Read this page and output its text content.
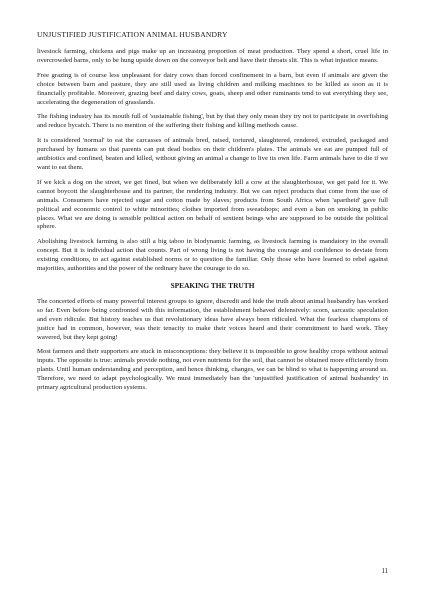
UNJUSTIFIED JUSTIFICATION ANIMAL HUSBANDRY

livestock farming, chickens and pigs make up an increasing proportion of meat production. They spend a short, cruel life in overcrowded barns, only to be hung upside down on the conveyor belt and have their throats slit. This is what injustice means.

Free grazing is of course less unpleasant for dairy cows than forced confinement in a barn, but even if animals are given the choice between barn and pasture, they are still used as living children and milking machines to be killed as soon as it is financially profitable. Moreover, grazing beef and dairy cows, goats, sheep and other ruminants tend to eat everything they see, accelerating the degeneration of grasslands.

The fishing industry has its mouth full of 'sustainable fishing', but by that they only mean they try not to participate in overfishing and reduce bycatch. There is no mention of the suffering their fishing and killing methods cause.

It is considered 'normal' to eat the carcasses of animals bred, raised, tortured, slaughtered, rendered, extruded, packaged and purchased by humans so that parents can put dead bodies on their children's plates. The animals we eat are pumped full of antibiotics and confined, beaten and killed, without giving an animal a change to live its own life. Farm animals have to die if we want to eat them.

If we kick a dog on the street, we get fined, but when we deliberately kill a cow at the slaughterhouse, we get paid for it. We cannot boycott the slaughterhouse and its partner, the rendering industry. But we can reject products that come from the use of animals. Consumers have rejected sugar and cotton made by slaves; products from South Africa when 'apartheid' gave full political and economic control to white minorities; clothes imported from sweatshops; and even a ban on smoking in public places. What we are doing is sensible political action on behalf of sentient beings who are supposed to be outside the political sphere.

Abolishing livestock farming is also still a big taboo in biodynamic farming, as livestock farming is mandatory in the overall concept. But it is individual action that counts. Part of wrong living is not having the courage and confidence to deviate from existing conditions, to act against established norms or to question the familiar. Only those who have learned to rebel against majorities, authorities and the power of the ordinary have the courage to do so.

SPEAKING THE TRUTH

The concerted efforts of many powerful interest groups to ignore, discredit and hide the truth about animal husbandry has worked so far. Even before being confronted with this information, the establishment behaved defensively: scorn, sarcastic speculation and even ridicule. But history teaches us that revolutionary ideas have always been ridiculed. What the fearless champions of justice had in common, however, was their tenacity to make their voices heard and their commitment to hard work. They wavered, but they kept going!

Most farmers and their supporters are stuck in misconceptions: they believe it is impossible to grow healthy crops without animal inputs. The opposite is true: animals provide nothing, not even nutrients for the soil, that cannot be obtained more efficiently from plants. Until human understanding and perception, and hence thinking, changes, we can be blind to what is happening around us. Therefore, we need to adapt psychologically. We must immediately ban the 'unjustified justification of animal husbandry' in primary agricultural production systems.

11
